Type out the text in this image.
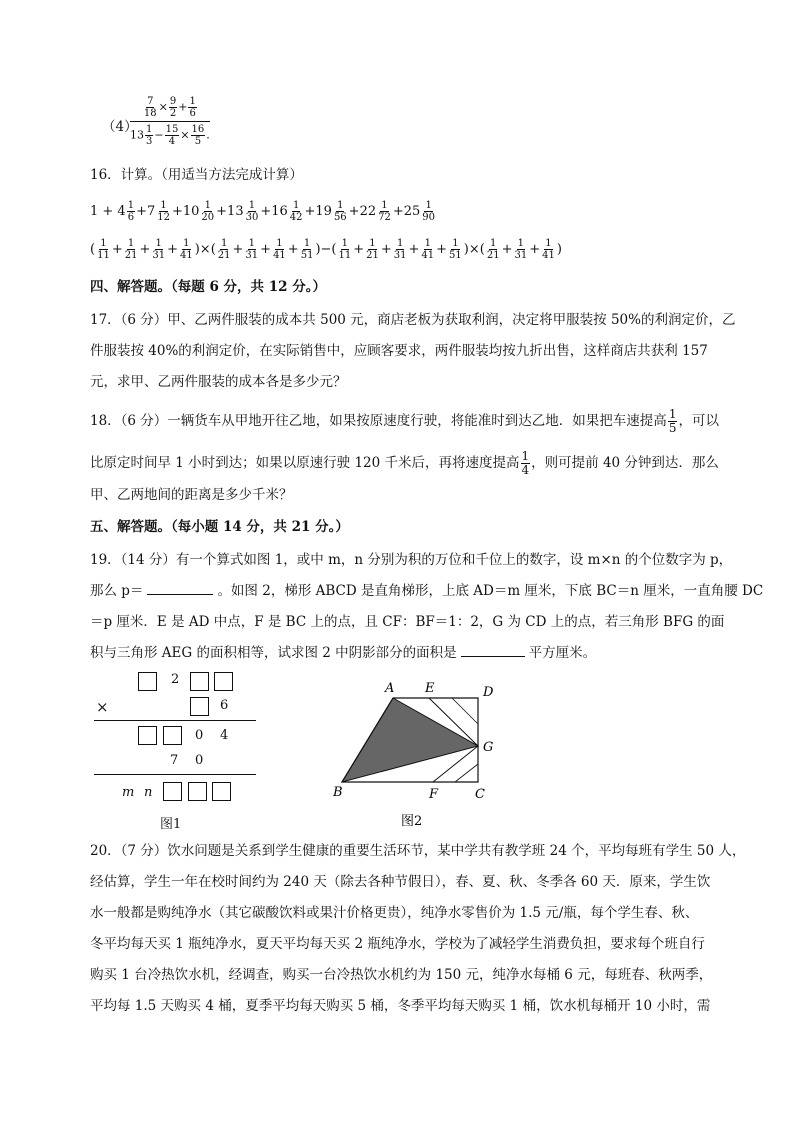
（4）
$\frac{7}{18} \times \frac{9}{2} + \frac{1}{6}$
$13 \frac{1}{3} - \frac{15}{4} \times \frac{16}{5}$ .
16．计算。（用适当方法完成计算）
$1 + 4 \frac{1}{6} +7 \frac{1}{12} +10 \frac{1}{20} +13 \frac{1}{30} +16 \frac{1}{42} +19 \frac{1}{56} +22 \frac{1}{72} +25 \frac{1}{90}$
( $\frac{1}{11} + \frac{1}{21} + \frac{1}{31} + \frac{1}{41}$ )×( $\frac{1}{21} + \frac{1}{31} + \frac{1}{41} + \frac{1}{51}$ )−( $\frac{1}{11} + \frac{1}{21} + \frac{1}{31} + \frac{1}{41} + \frac{1}{51}$ )×( $\frac{1}{21} + \frac{1}{31} + \frac{1}{41}$ )
四、解答题。（每题 6 分，共 12 分。）
17．（6 分）甲、乙两件服装的成本共 500 元，商店老板为获取利润，决定将甲服装按 50%的利润定价，乙
件服装按 40%的利润定价，在实际销售中，应顾客要求，两件服装均按九折出售，这样商店共获利 157
元，求甲、乙两件服装的成本各是多少元？
18．（6 分）一辆货车从甲地开往乙地，如果按原速度行驶，将能准时到达乙地．如果把车速提高 $\frac{1}{5}$ ，可以
比原定时间早 1 小时到达；如果以原速行驶 120 千米后，再将速度提高 $\frac{1}{4}$ ，则可提前 40 分钟到达．那么
甲、乙两地间的距离是多少千米？
五、解答题。（每小题 14 分，共 21 分。）
19．（14 分）有一个算式如图 1，或中 m，n 分别为积的万位和千位上的数字，设 m×n 的个位数字为 p，
那么 p＝	。如图 2，梯形 ABCD 是直角梯形，上底 AD＝m 厘米，下底 BC＝n 厘米，一直角腰 DC
＝p 厘米．E 是 AD 中点，F 是 BC 上的点，且 CF：BF＝1：2，G 为 CD 上的点，若三角形 BFG 的面
积与三角形 AEG 的面积相等，试求图 2 中阴影部分的面积是	平方厘米。
2
×	6
0 4
7 0
m n
图1
A E	D
G
B	F	C
图2
20．（7 分）饮水问题是关系到学生健康的重要生活环节，某中学共有教学班 24 个，平均每班有学生 50 人，
经估算，学生一年在校时间约为 240 天（除去各种节假日），春、夏、秋、冬季各 60 天．原来，学生饮
水一般都是购纯净水（其它碳酸饮料或果汁价格更贵），纯净水零售价为 1.5 元/瓶，每个学生春、秋、
冬平均每天买 1 瓶纯净水，夏天平均每天买 2 瓶纯净水，学校为了减轻学生消费负担，要求每个班自行
购买 1 台冷热饮水机，经调查，购买一台冷热饮水机约为 150 元，纯净水每桶 6 元，每班春、秋两季，
平均每 1.5 天购买 4 桶，夏季平均每天购买 5 桶，冬季平均每天购买 1 桶，饮水机每桶开 10 小时，需
